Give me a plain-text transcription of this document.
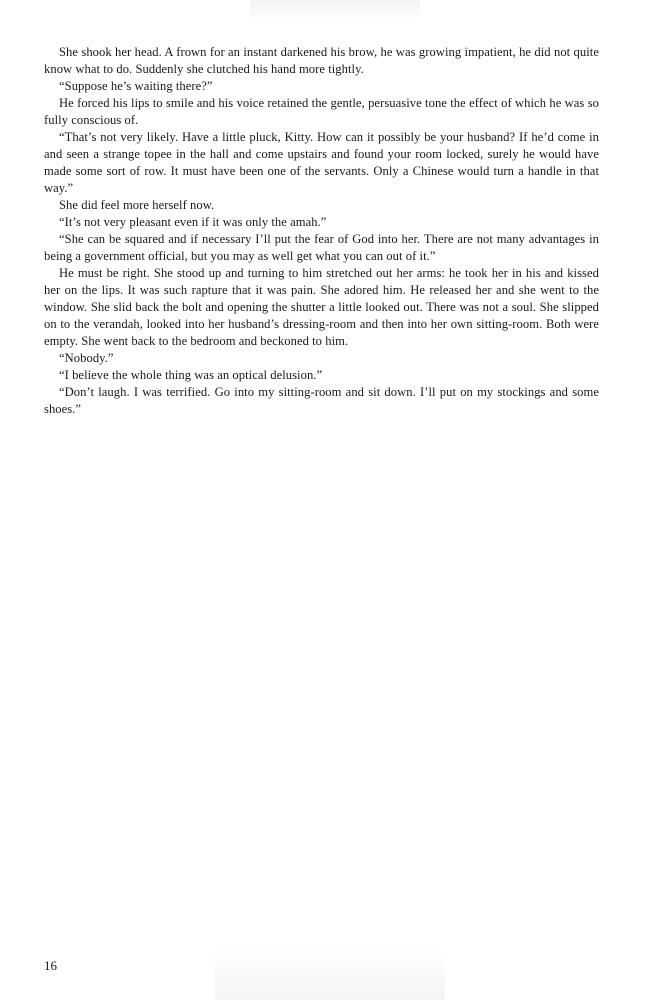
She shook her head. A frown for an instant darkened his brow, he was growing impatient, he did not quite know what to do. Suddenly she clutched his hand more tightly.

“Suppose he’s waiting there?”

He forced his lips to smile and his voice retained the gentle, persuasive tone the effect of which he was so fully conscious of.

“That’s not very likely. Have a little pluck, Kitty. How can it possibly be your husband? If he’d come in and seen a strange topee in the hall and come upstairs and found your room locked, surely he would have made some sort of row. It must have been one of the servants. Only a Chinese would turn a handle in that way.”

She did feel more herself now.

“It’s not very pleasant even if it was only the amah.”

“She can be squared and if necessary I’ll put the fear of God into her. There are not many advantages in being a government official, but you may as well get what you can out of it.”

He must be right. She stood up and turning to him stretched out her arms: he took her in his and kissed her on the lips. It was such rapture that it was pain. She adored him. He released her and she went to the window. She slid back the bolt and opening the shutter a little looked out. There was not a soul. She slipped on to the verandah, looked into her husband’s dressing-room and then into her own sitting-room. Both were empty. She went back to the bedroom and beckoned to him.

“Nobody.”

“I believe the whole thing was an optical delusion.”

“Don’t laugh. I was terrified. Go into my sitting-room and sit down. I’ll put on my stockings and some shoes.”

16
